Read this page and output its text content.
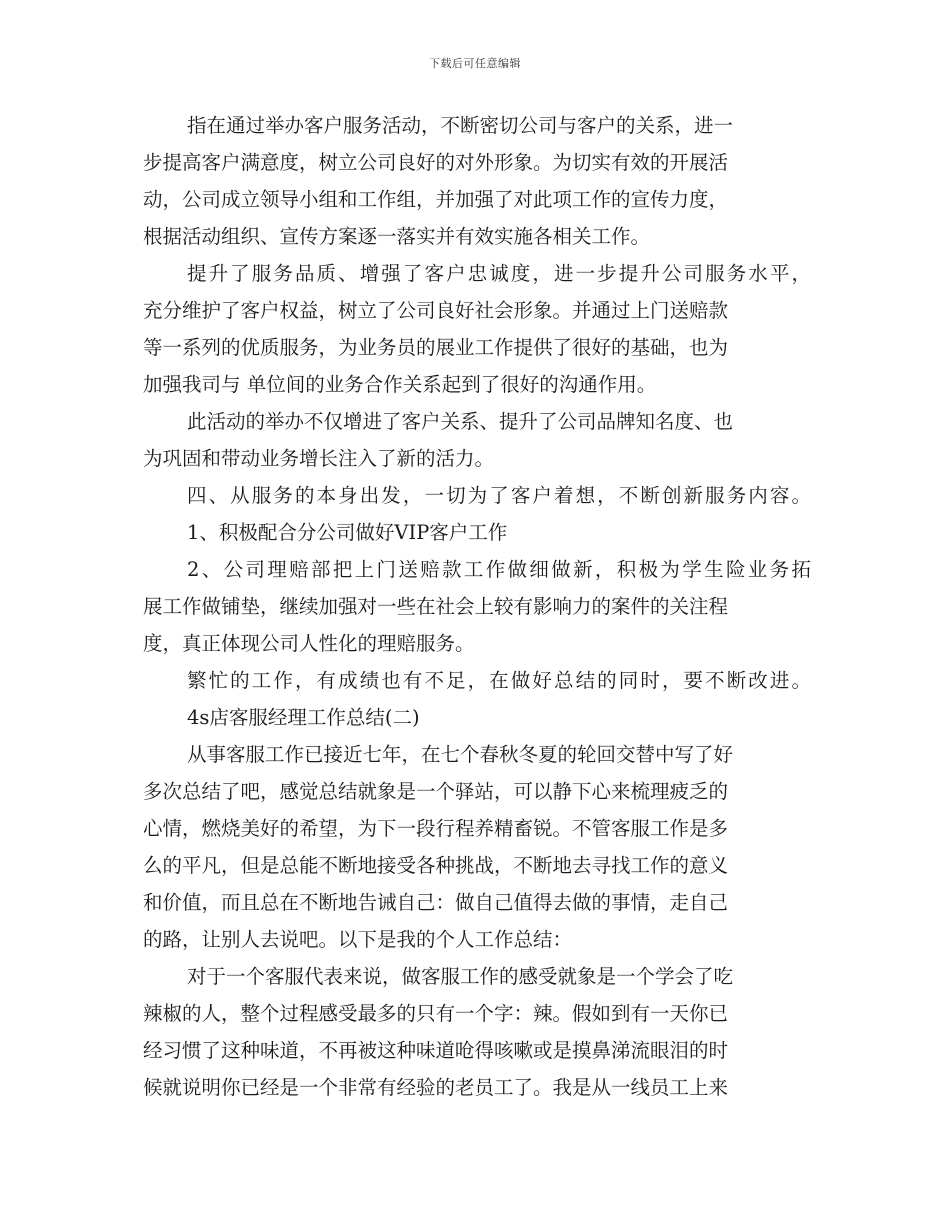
下载后可任意编辑
指在通过举办客户服务活动，不断密切公司与客户的关系，进一
步提高客户满意度，树立公司良好的对外形象。为切实有效的开展活
动，公司成立领导小组和工作组，并加强了对此项工作的宣传力度，
根据活动组织、宣传方案逐一落实并有效实施各相关工作。
提升了服务品质、增强了客户忠诚度，进一步提升公司服务水平，
充分维护了客户权益，树立了公司良好社会形象。并通过上门送赔款
等一系列的优质服务，为业务员的展业工作提供了很好的基础，也为
加强我司与 单位间的业务合作关系起到了很好的沟通作用。
此活动的举办不仅增进了客户关系、提升了公司品牌知名度、也
为巩固和带动业务增长注入了新的活力。
四、从服务的本身出发，一切为了客户着想，不断创新服务内容。
1、积极配合分公司做好VIP客户工作
2、公司理赔部把上门送赔款工作做细做新，积极为学生险业务拓
展工作做铺垫，继续加强对一些在社会上较有影响力的案件的关注程
度，真正体现公司人性化的理赔服务。
繁忙的工作，有成绩也有不足，在做好总结的同时，要不断改进。
4s店客服经理工作总结(二)
从事客服工作已接近七年，在七个春秋冬夏的轮回交替中写了好
多次总结了吧，感觉总结就象是一个驿站，可以静下心来梳理疲乏的
心情，燃烧美好的希望，为下一段行程养精畜锐。不管客服工作是多
么的平凡，但是总能不断地接受各种挑战，不断地去寻找工作的意义
和价值，而且总在不断地告诫自己：做自己值得去做的事情，走自己
的路，让别人去说吧。以下是我的个人工作总结：
对于一个客服代表来说，做客服工作的感受就象是一个学会了吃
辣椒的人，整个过程感受最多的只有一个字：辣。假如到有一天你已
经习惯了这种味道，不再被这种味道呛得咳嗽或是摸鼻涕流眼泪的时
候就说明你已经是一个非常有经验的老员工了。我是从一线员工上来
